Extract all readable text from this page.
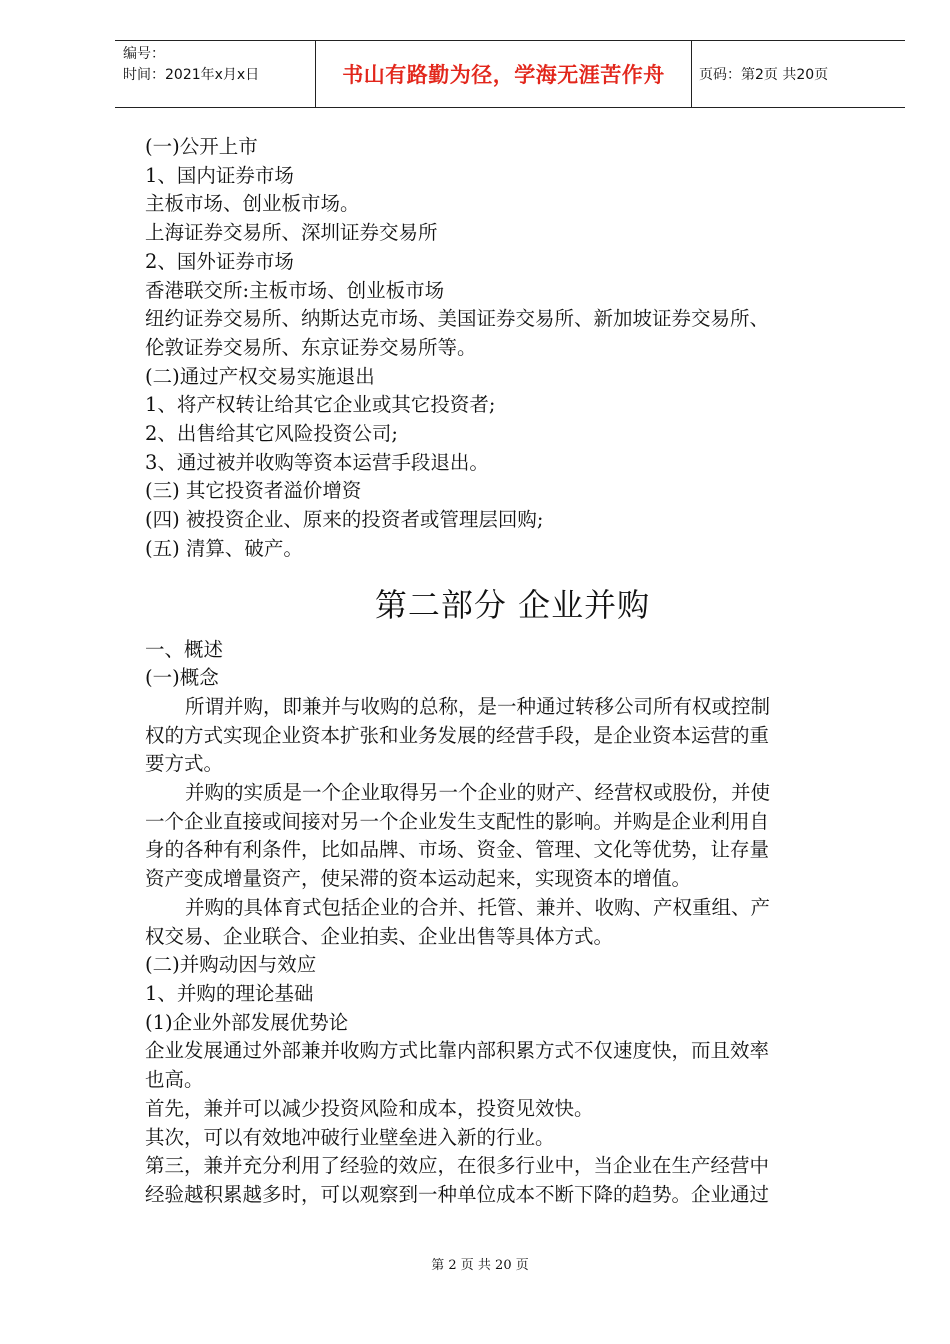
编号：
时间：2021年x月x日	书山有路勤为径，学海无涯苦作舟 页码：第2页 共20页
(一)公开上市
1、国内证券市场
主板市场、创业板市场。
上海证券交易所、深圳证券交易所
2、国外证券市场
香港联交所:主板市场、创业板市场
纽约证券交易所、纳斯达克市场、美国证券交易所、新加坡证券交易所、
伦敦证券交易所、东京证券交易所等。
(二)通过产权交易实施退出
1、将产权转让给其它企业或其它投资者;
2、出售给其它风险投资公司;
3、通过被并收购等资本运营手段退出。
(三) 其它投资者溢价增资
(四) 被投资企业、原来的投资者或管理层回购;
(五) 清算、破产。
第二部分 企业并购
一、概述
(一)概念
所谓并购，即兼并与收购的总称，是一种通过转移公司所有权或控制
权的方式实现企业资本扩张和业务发展的经营手段，是企业资本运营的重
要方式。
并购的实质是一个企业取得另一个企业的财产、经营权或股份，并使
一个企业直接或间接对另一个企业发生支配性的影响。并购是企业利用自
身的各种有利条件，比如品牌、市场、资金、管理、文化等优势，让存量
资产变成增量资产，使呆滞的资本运动起来，实现资本的增值。
并购的具体育式包括企业的合并、托管、兼并、收购、产权重组、产
权交易、企业联合、企业拍卖、企业出售等具体方式。
(二)并购动因与效应
1、并购的理论基础
(1)企业外部发展优势论
企业发展通过外部兼并收购方式比靠内部积累方式不仅速度快，而且效率
也高。
首先，兼并可以减少投资风险和成本，投资见效快。
其次，可以有效地冲破行业壁垒进入新的行业。
第三，兼并充分利用了经验的效应，在很多行业中，当企业在生产经营中
经验越积累越多时，可以观察到一种单位成本不断下降的趋势。企业通过
第 2 页 共 20 页
